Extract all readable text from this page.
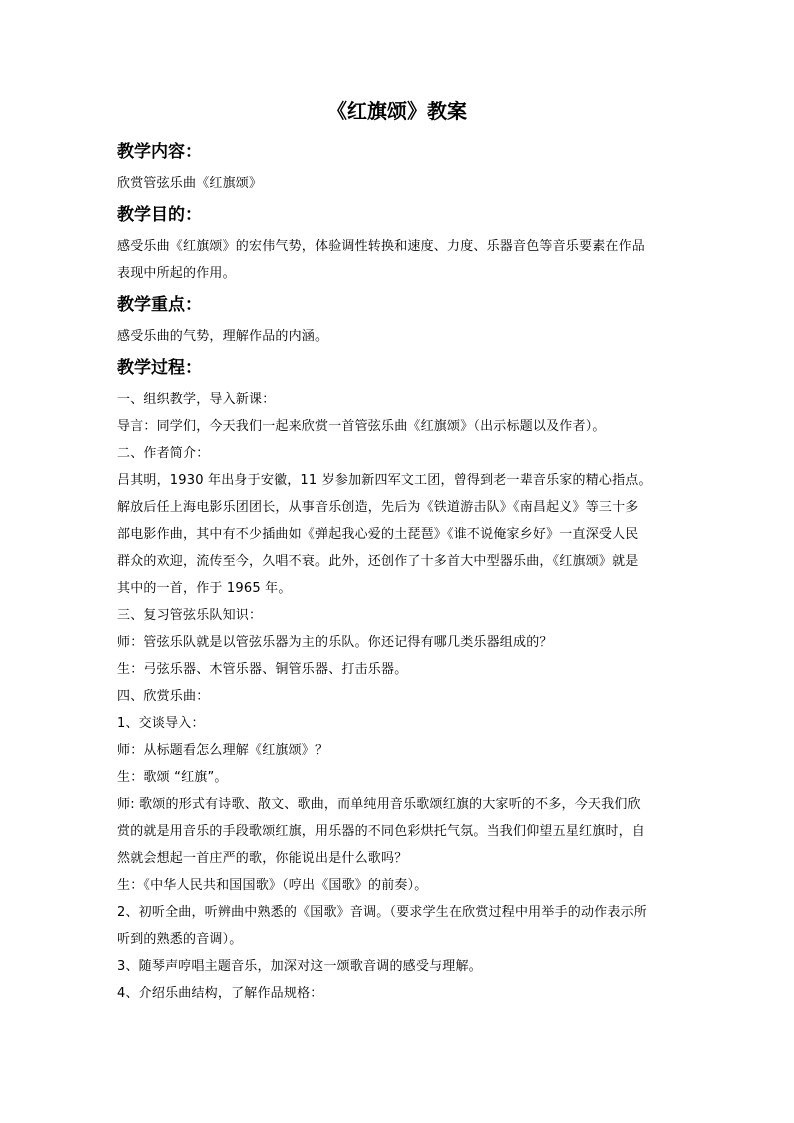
《红旗颂》教案
教学内容：
欣赏管弦乐曲《红旗颂》
教学目的：
感受乐曲《红旗颂》的宏伟气势，体验调性转换和速度、力度、乐器音色等音乐要素在作品
表现中所起的作用。
教学重点：
感受乐曲的气势，理解作品的内涵。
教学过程：
一、组织教学，导入新课：
导言：同学们，今天我们一起来欣赏一首管弦乐曲《红旗颂》（出示标题以及作者）。
二、作者简介：
吕其明，1930 年出身于安徽，11 岁参加新四军文工团，曾得到老一辈音乐家的精心指点。
解放后任上海电影乐团团长，从事音乐创造，先后为《铁道游击队》《南昌起义》等三十多
部电影作曲，其中有不少插曲如《弹起我心爱的土琵琶》《谁不说俺家乡好》一直深受人民
群众的欢迎，流传至今，久唱不衰。此外，还创作了十多首大中型器乐曲，《红旗颂》就是
其中的一首，作于 1965 年。
三、复习管弦乐队知识：
师：管弦乐队就是以管弦乐器为主的乐队。你还记得有哪几类乐器组成的？
生：弓弦乐器、木管乐器、铜管乐器、打击乐器。
四、欣赏乐曲：
1、交谈导入：
师：从标题看怎么理解《红旗颂》？
生：歌颂 “红旗”。
师: 歌颂的形式有诗歌、散文、歌曲，而单纯用音乐歌颂红旗的大家听的不多，今天我们欣
赏的就是用音乐的手段歌颂红旗，用乐器的不同色彩烘托气氛。当我们仰望五星红旗时，自
然就会想起一首庄严的歌，你能说出是什么歌吗？
生：《中华人民共和国国歌》（哼出《国歌》的前奏）。
2、初听全曲，听辨曲中熟悉的《国歌》音调。（要求学生在欣赏过程中用举手的动作表示所
听到的熟悉的音调）。
3、随琴声哼唱主题音乐，加深对这一颂歌音调的感受与理解。
4、介绍乐曲结构，了解作品规格：
